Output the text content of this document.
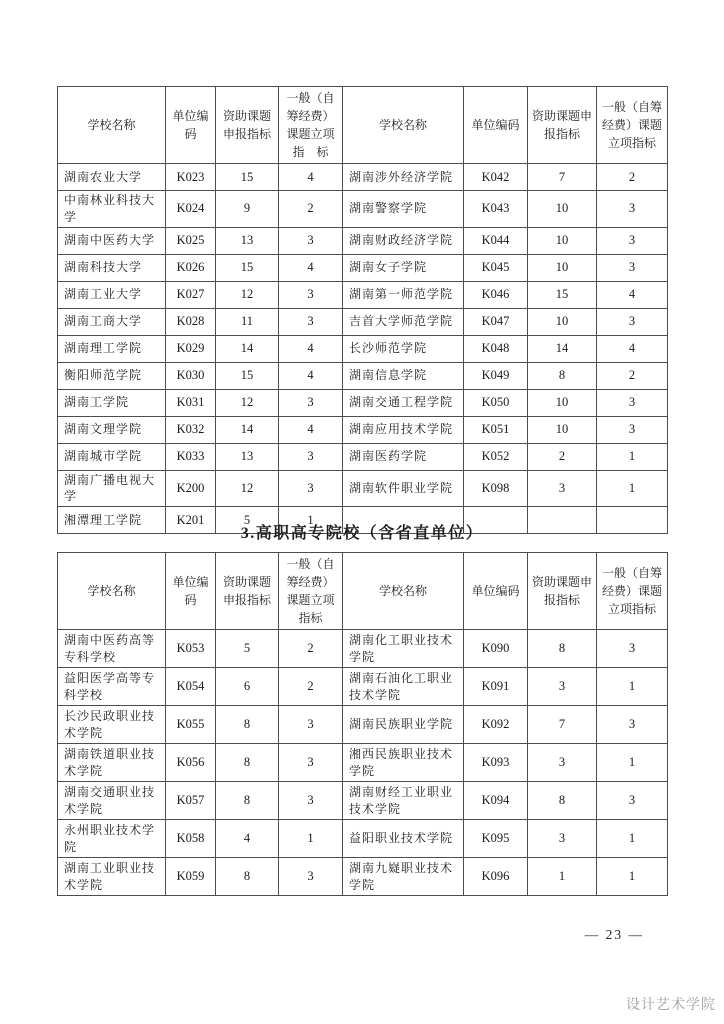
学校名称	单位编码	资助课题申报指标	一般（自筹经费）课题立项指　标	学校名称	单位编码	资助课题申报指标	一般（自筹经费）课题立项指标
湖南农业大学	K023	15	4	湖南涉外经济学院	K042	7	2
中南林业科技大学	K024	9	2	湖南警察学院	K043	10	3
湖南中医药大学	K025	13	3	湖南财政经济学院	K044	10	3
湖南科技大学	K026	15	4	湖南女子学院	K045	10	3
湖南工业大学	K027	12	3	湖南第一师范学院	K046	15	4
湖南工商大学	K028	11	3	吉首大学师范学院	K047	10	3
湖南理工学院	K029	14	4	长沙师范学院	K048	14	4
衡阳师范学院	K030	15	4	湖南信息学院	K049	8	2
湖南工学院	K031	12	3	湖南交通工程学院	K050	10	3
湖南文理学院	K032	14	4	湖南应用技术学院	K051	10	3
湖南城市学院	K033	13	3	湖南医药学院	K052	2	1
湖南广播电视大学	K200	12	3	湖南软件职业学院	K098	3	1
湘潭理工学院	K201	5	1				
3.高职高专院校（含省直单位）
学校名称	单位编码	资助课题申报指标	一般（自筹经费）课题立项指标	学校名称	单位编码	资助课题申报指标	一般（自筹经费）课题立项指标
湖南中医药高等专科学校	K053	5	2	湖南化工职业技术学院	K090	8	3
益阳医学高等专科学校	K054	6	2	湖南石油化工职业技术学院	K091	3	1
长沙民政职业技术学院	K055	8	3	湖南民族职业学院	K092	7	3
湖南铁道职业技术学院	K056	8	3	湘西民族职业技术学院	K093	3	1
湖南交通职业技术学院	K057	8	3	湖南财经工业职业技术学院	K094	8	3
永州职业技术学院	K058	4	1	益阳职业技术学院	K095	3	1
湖南工业职业技术学院	K059	8	3	湖南九嶷职业技术学院	K096	1	1
— 23 —
设计艺术学院
